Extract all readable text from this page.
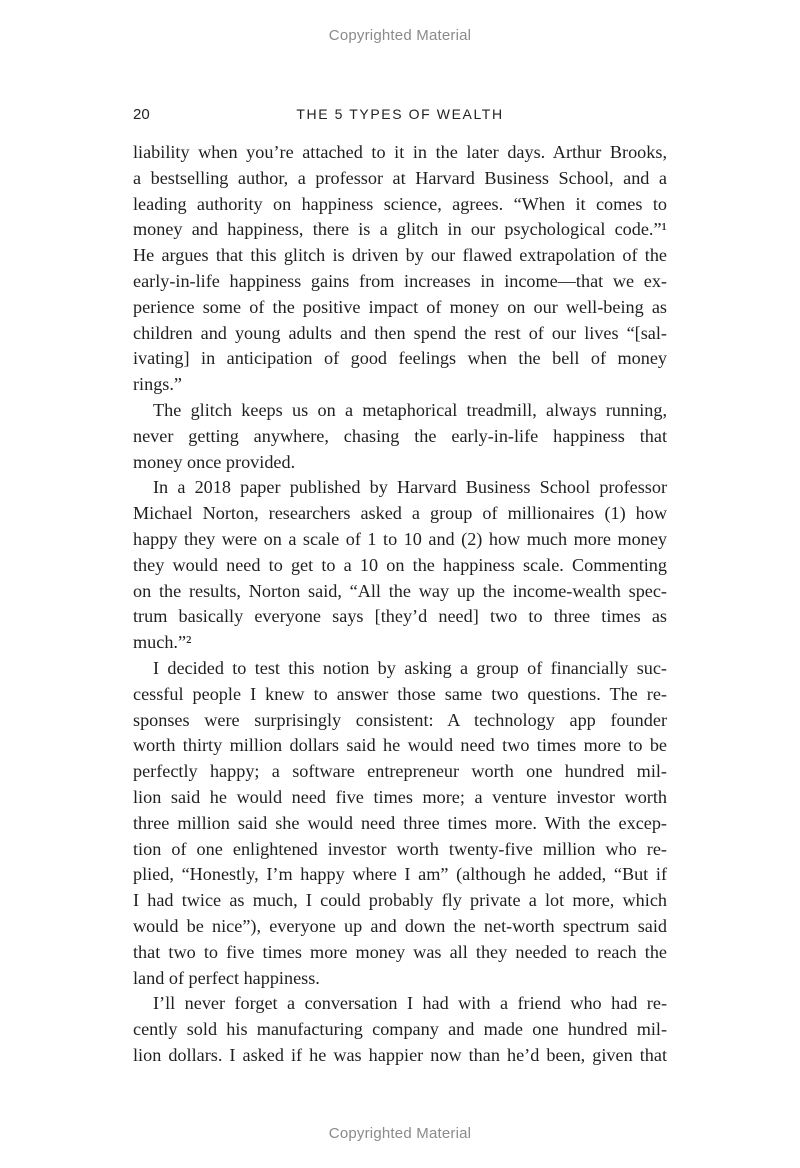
Copyrighted Material
20	THE 5 TYPES OF WEALTH
liability when you’re attached to it in the later days. Arthur Brooks,
a bestselling author, a professor at Harvard Business School, and a
leading authority on happiness science, agrees. “When it comes to
money and happiness, there is a glitch in our psychological code.”¹
He argues that this glitch is driven by our flawed extrapolation of the
early-in-life happiness gains from increases in income—that we ex-
perience some of the positive impact of money on our well-being as
children and young adults and then spend the rest of our lives “[sal-
ivating] in anticipation of good feelings when the bell of money
rings.”
The glitch keeps us on a metaphorical treadmill, always running,
never getting anywhere, chasing the early-in-life happiness that
money once provided.
In a 2018 paper published by Harvard Business School professor
Michael Norton, researchers asked a group of millionaires (1) how
happy they were on a scale of 1 to 10 and (2) how much more money
they would need to get to a 10 on the happiness scale. Commenting
on the results, Norton said, “All the way up the income-wealth spec-
trum basically everyone says [they’d need] two to three times as
much.”²
I decided to test this notion by asking a group of financially suc-
cessful people I knew to answer those same two questions. The re-
sponses were surprisingly consistent: A technology app founder
worth thirty million dollars said he would need two times more to be
perfectly happy; a software entrepreneur worth one hundred mil-
lion said he would need five times more; a venture investor worth
three million said she would need three times more. With the excep-
tion of one enlightened investor worth twenty-five million who re-
plied, “Honestly, I’m happy where I am” (although he added, “But if
I had twice as much, I could probably fly private a lot more, which
would be nice”), everyone up and down the net-worth spectrum said
that two to five times more money was all they needed to reach the
land of perfect happiness.
I’ll never forget a conversation I had with a friend who had re-
cently sold his manufacturing company and made one hundred mil-
lion dollars. I asked if he was happier now than he’d been, given that
Copyrighted Material
